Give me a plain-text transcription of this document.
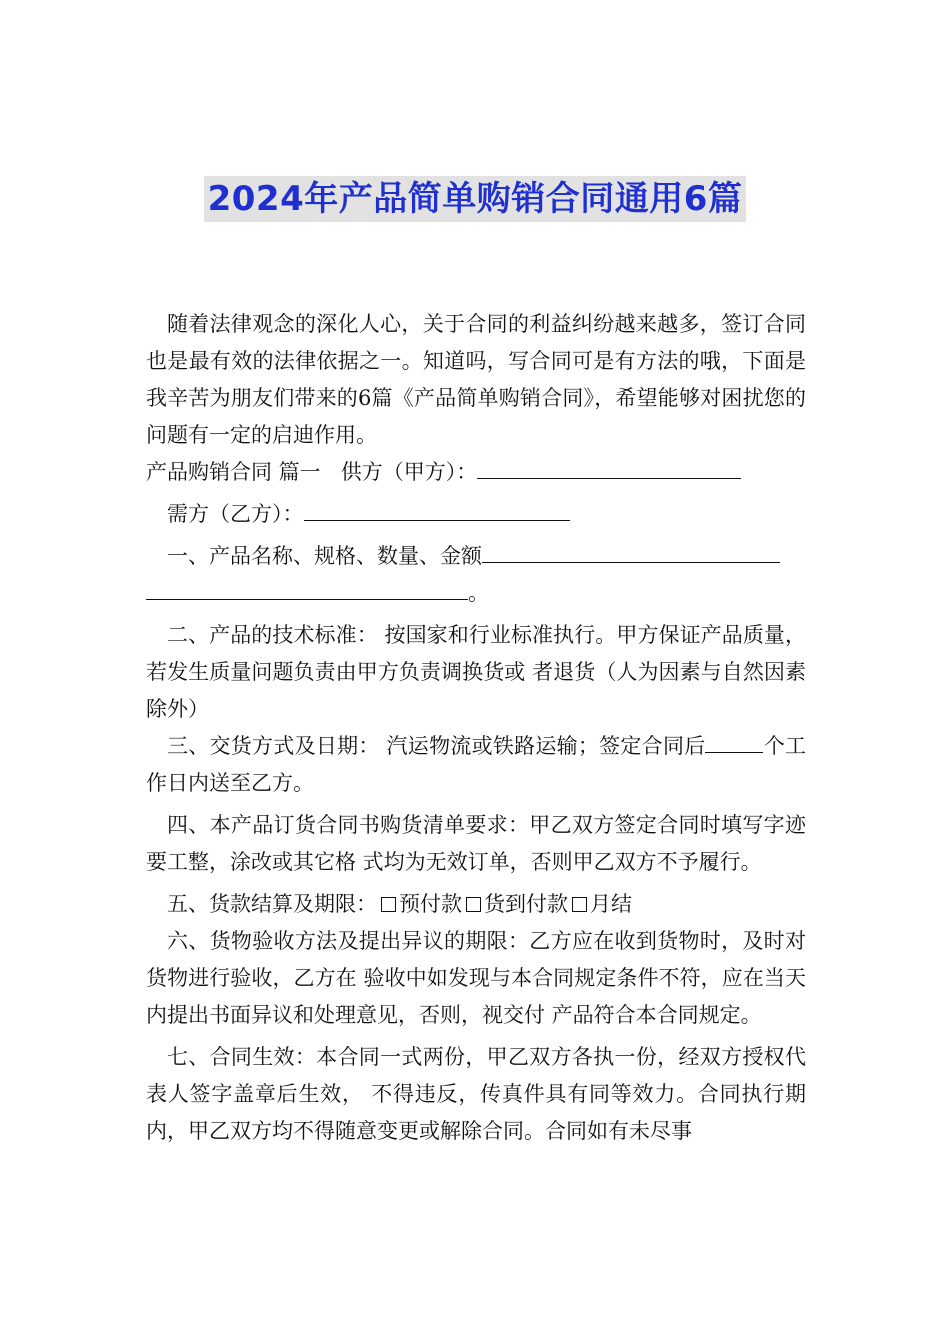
2024年产品简单购销合同通用6篇

随着法律观念的深化人心，关于合同的利益纠纷越来越多，签订合同也是最有效的法律依据之一。知道吗，写合同可是有方法的哦，下面是我辛苦为朋友们带来的6篇《产品简单购销合同》，希望能够对困扰您的问题有一定的启迪作用。

产品购销合同 篇一 供方（甲方）：

需方（乙方）：

一、产品名称、规格、数量、金额

。

二、产品的技术标准： 按国家和行业标准执行。甲方保证产品质量，若发生质量问题负责由甲方负责调换货或 者退货（人为因素与自然因素除外）

三、交货方式及日期： 汽运物流或铁路运输；签定合同后	个工作日内送至乙方。

四、本产品订货合同书购货清单要求：甲乙双方签定合同时填写字迹要工整，涂改或其它格 式均为无效订单，否则甲乙双方不予履行。

五、货款结算及期限： 预付款 货到付款 月结

六、货物验收方法及提出异议的期限：乙方应在收到货物时，及时对货物进行验收，乙方在 验收中如发现与本合同规定条件不符，应在当天内提出书面异议和处理意见，否则，视交付 产品符合本合同规定。

七、合同生效：本合同一式两份，甲乙双方各执一份，经双方授权代表人签字盖章后生效， 不得违反，传真件具有同等效力。合同执行期内，甲乙双方均不得随意变更或解除合同。合同如有未尽事
